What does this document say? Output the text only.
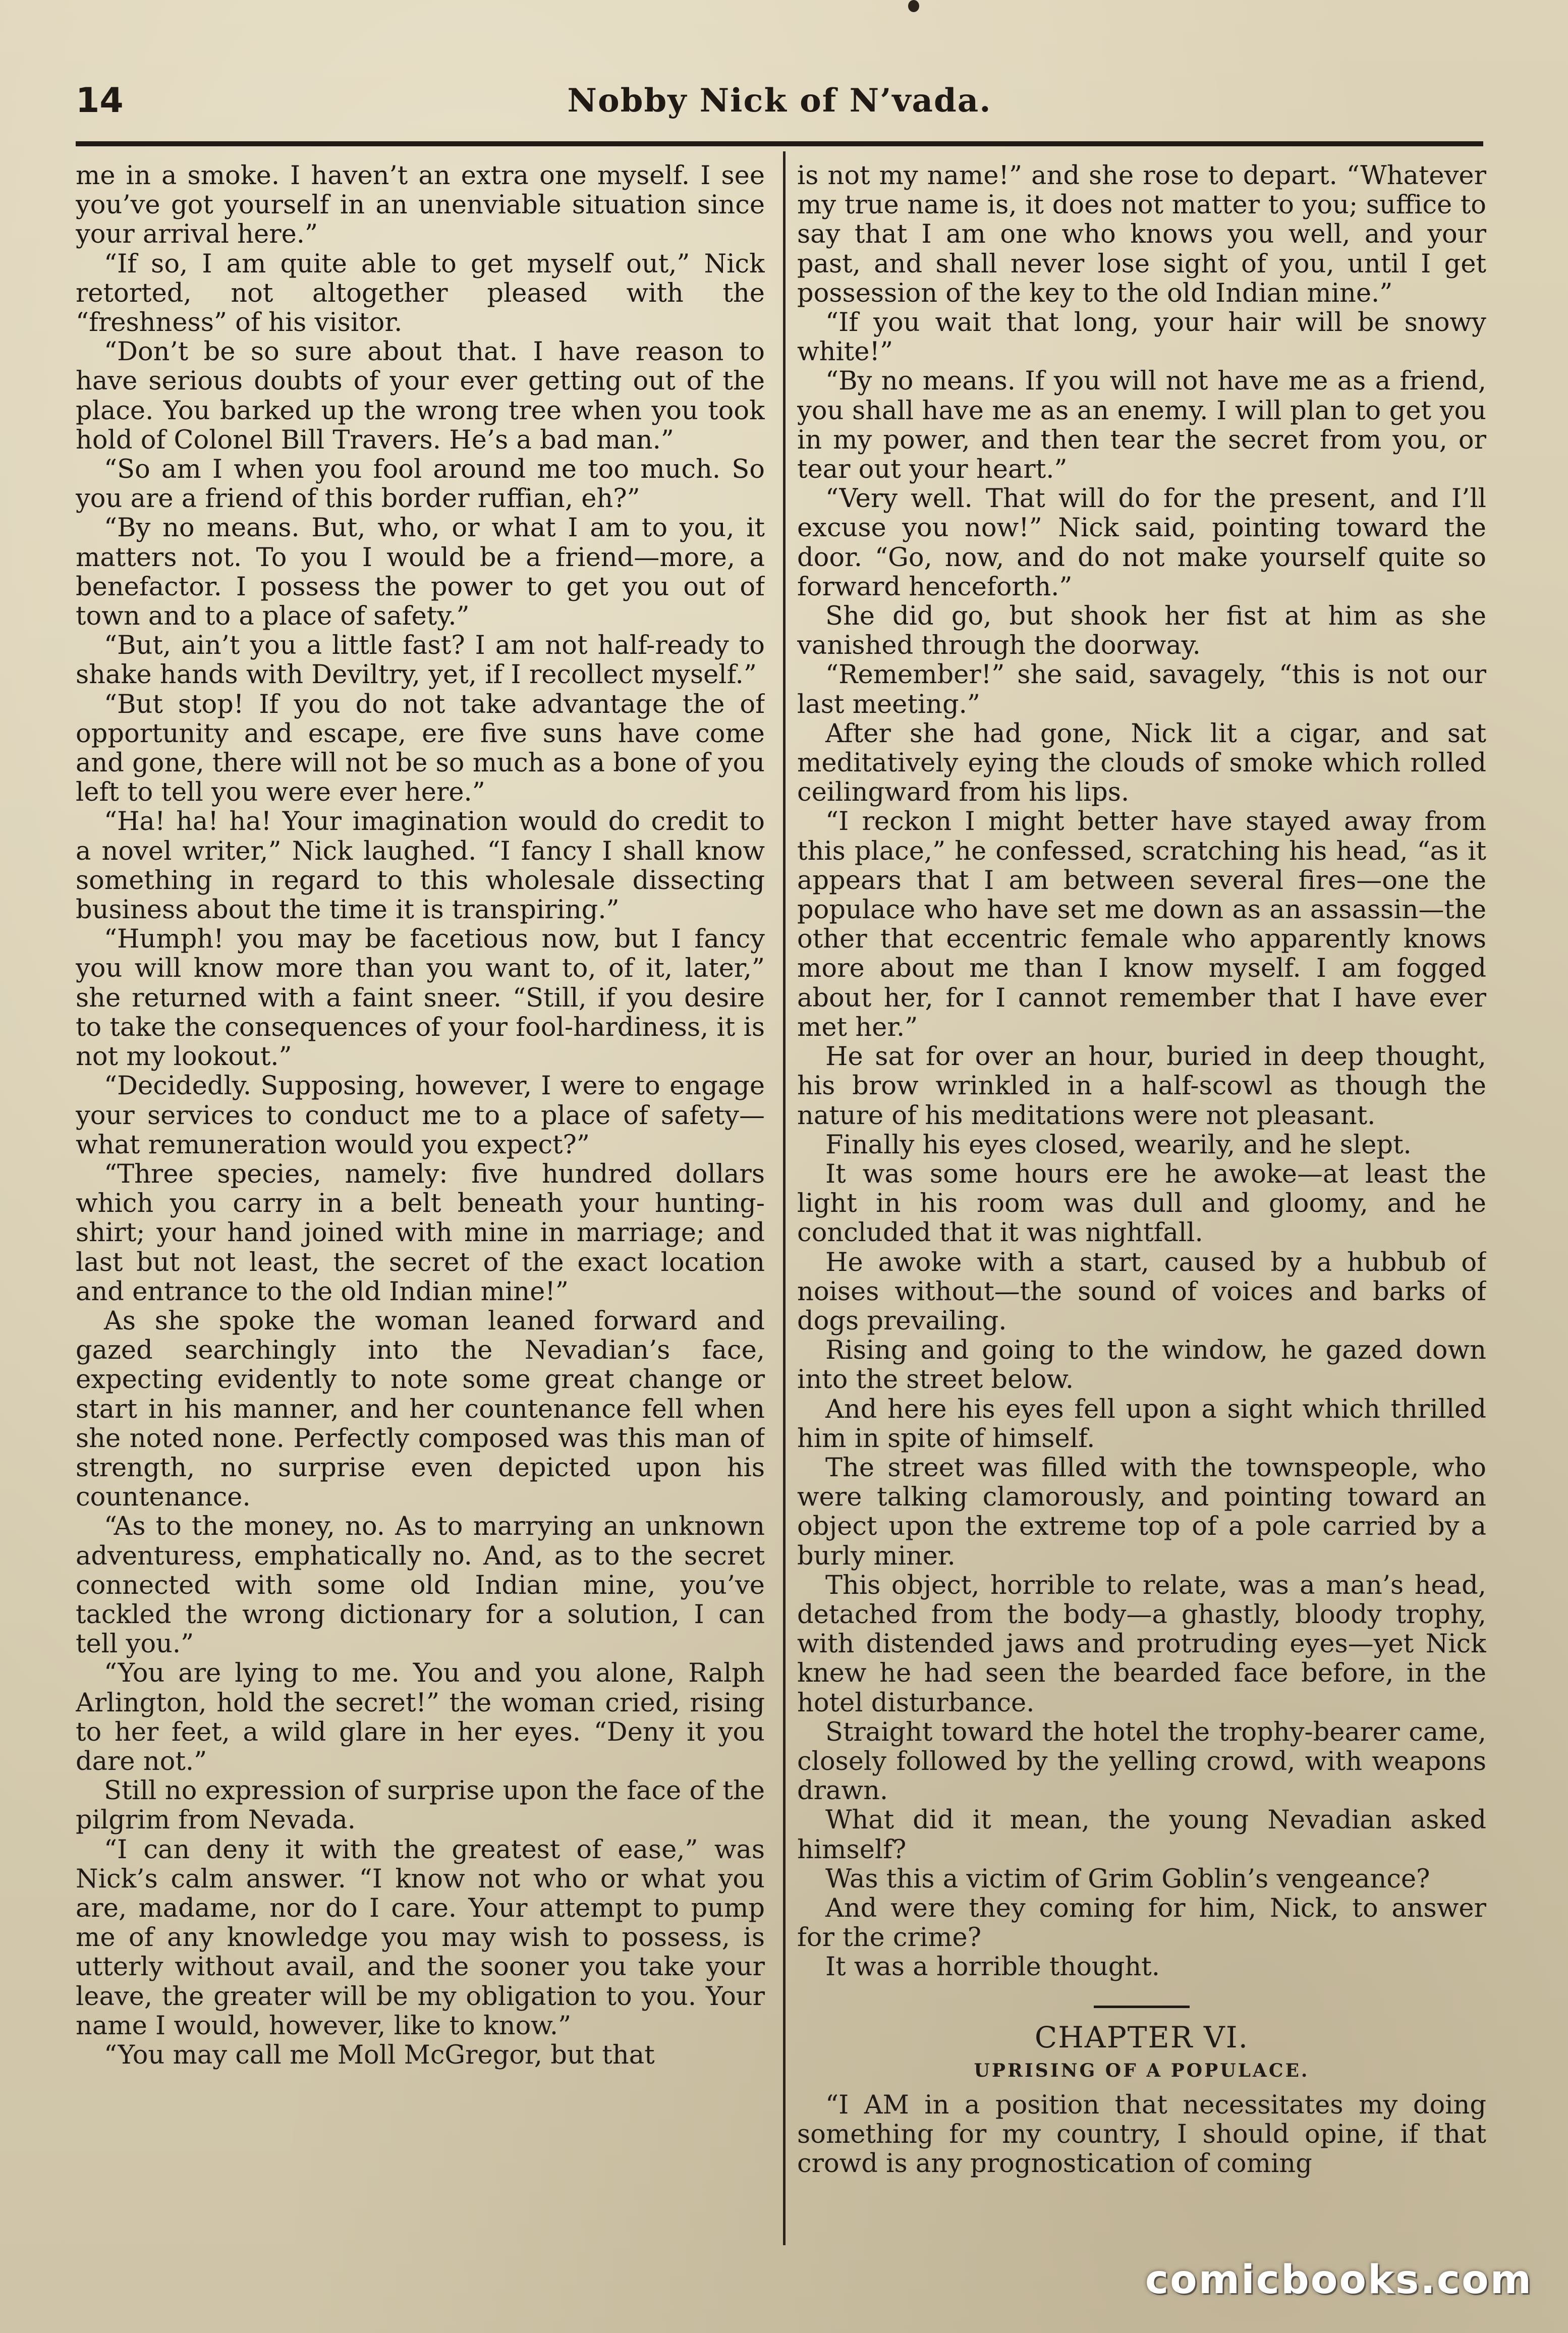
14	Nobby Nick of N’vada.

me in a smoke. I haven’t an extra one myself. I see you’ve got yourself in an unenviable situation since your arrival here.”

“If so, I am quite able to get myself out,” Nick retorted, not altogether pleased with the “freshness” of his visitor.

“Don’t be so sure about that. I have reason to have serious doubts of your ever getting out of the place. You barked up the wrong tree when you took hold of Colonel Bill Travers. He’s a bad man.”

“So am I when you fool around me too much. So you are a friend of this border ruffian, eh?”

“By no means. But, who, or what I am to you, it matters not. To you I would be a friend—more, a benefactor. I possess the power to get you out of town and to a place of safety.”

“But, ain’t you a little fast? I am not half-ready to shake hands with Deviltry, yet, if I recollect myself.”

“But stop! If you do not take advantage the of opportunity and escape, ere five suns have come and gone, there will not be so much as a bone of you left to tell you were ever here.”

“Ha! ha! ha! Your imagination would do credit to a novel writer,” Nick laughed. “I fancy I shall know something in regard to this wholesale dissecting business about the time it is transpiring.”

“Humph! you may be facetious now, but I fancy you will know more than you want to, of it, later,” she returned with a faint sneer. “Still, if you desire to take the consequences of your fool-hardiness, it is not my lookout.”

“Decidedly. Supposing, however, I were to engage your services to conduct me to a place of safety—what remuneration would you expect?”

“Three species, namely: five hundred dollars which you carry in a belt beneath your hunting-shirt; your hand joined with mine in marriage; and last but not least, the secret of the exact location and entrance to the old Indian mine!”

As she spoke the woman leaned forward and gazed searchingly into the Nevadian’s face, expecting evidently to note some great change or start in his manner, and her countenance fell when she noted none. Perfectly composed was this man of strength, no surprise even depicted upon his countenance.

“As to the money, no. As to marrying an unknown adventuress, emphatically no. And, as to the secret connected with some old Indian mine, you’ve tackled the wrong dictionary for a solution, I can tell you.”

“You are lying to me. You and you alone, Ralph Arlington, hold the secret!” the woman cried, rising to her feet, a wild glare in her eyes. “Deny it you dare not.”

Still no expression of surprise upon the face of the pilgrim from Nevada.

“I can deny it with the greatest of ease,” was Nick’s calm answer. “I know not who or what you are, madame, nor do I care. Your attempt to pump me of any knowledge you may wish to possess, is utterly without avail, and the sooner you take your leave, the greater will be my obligation to you. Your name I would, however, like to know.”

“You may call me Moll McGregor, but that

is not my name!” and she rose to depart. “Whatever my true name is, it does not matter to you; suffice to say that I am one who knows you well, and your past, and shall never lose sight of you, until I get possession of the key to the old Indian mine.”

“If you wait that long, your hair will be snowy white!”

“By no means. If you will not have me as a friend, you shall have me as an enemy. I will plan to get you in my power, and then tear the secret from you, or tear out your heart.”

“Very well. That will do for the present, and I’ll excuse you now!” Nick said, pointing toward the door. “Go, now, and do not make yourself quite so forward henceforth.”

She did go, but shook her fist at him as she vanished through the doorway.

“Remember!” she said, savagely, “this is not our last meeting.”

After she had gone, Nick lit a cigar, and sat meditatively eying the clouds of smoke which rolled ceilingward from his lips.

“I reckon I might better have stayed away from this place,” he confessed, scratching his head, “as it appears that I am between several fires—one the populace who have set me down as an assassin—the other that eccentric female who apparently knows more about me than I know myself. I am fogged about her, for I cannot remember that I have ever met her.”

He sat for over an hour, buried in deep thought, his brow wrinkled in a half-scowl as though the nature of his meditations were not pleasant.

Finally his eyes closed, wearily, and he slept.

It was some hours ere he awoke—at least the light in his room was dull and gloomy, and he concluded that it was nightfall.

He awoke with a start, caused by a hubbub of noises without—the sound of voices and barks of dogs prevailing.

Rising and going to the window, he gazed down into the street below.

And here his eyes fell upon a sight which thrilled him in spite of himself.

The street was filled with the townspeople, who were talking clamorously, and pointing toward an object upon the extreme top of a pole carried by a burly miner.

This object, horrible to relate, was a man’s head, detached from the body—a ghastly, bloody trophy, with distended jaws and protruding eyes—yet Nick knew he had seen the bearded face before, in the hotel disturbance.

Straight toward the hotel the trophy-bearer came, closely followed by the yelling crowd, with weapons drawn.

What did it mean, the young Nevadian asked himself?

Was this a victim of Grim Goblin’s vengeance?

And were they coming for him, Nick, to answer for the crime?

It was a horrible thought.

CHAPTER VI.
UPRISING OF A POPULACE.

“I AM in a position that necessitates my doing something for my country, I should opine, if that crowd is any prognostication of coming

comicbooks.com
